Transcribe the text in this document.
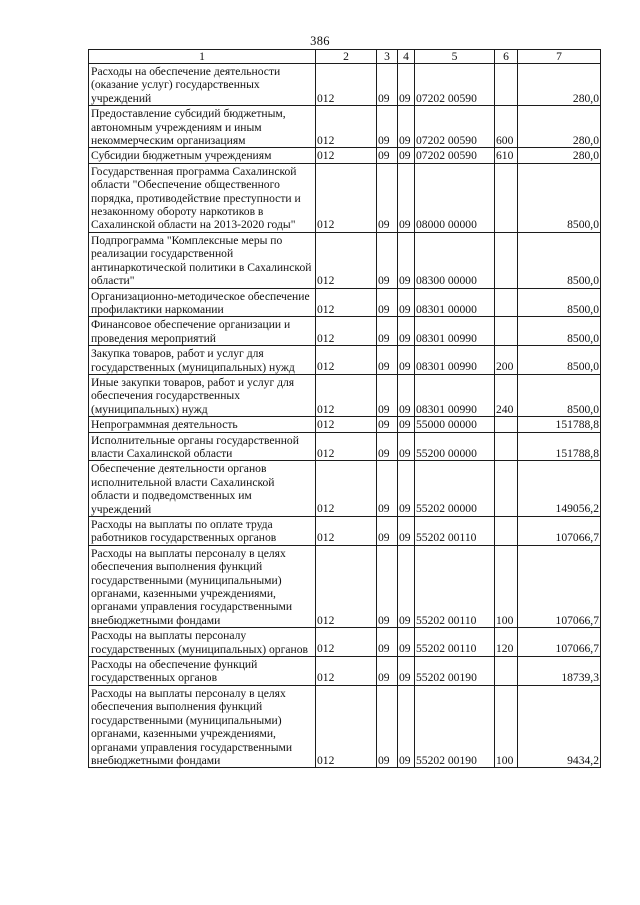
386
1	2	3	4	5	6	7
Расходы на обеспечение деятельности (оказание услуг) государственных учреждений	012	09	09	07202 00590		280,0
Предоставление субсидий бюджетным, автономным учреждениям и иным некоммерческим организациям	012	09	09	07202 00590	600	280,0
Субсидии бюджетным учреждениям	012	09	09	07202 00590	610	280,0
Государственная программа Сахалинской области "Обеспечение общественного порядка, противодействие преступности и незаконному обороту наркотиков в Сахалинской области на 2013-2020 годы"	012	09	09	08000 00000		8500,0
Подпрограмма "Комплексные меры по реализации государственной антинаркотической политики в Сахалинской области"	012	09	09	08300 00000		8500,0
Организационно-методическое обеспечение профилактики наркомании	012	09	09	08301 00000		8500,0
Финансовое обеспечение организации и проведения мероприятий	012	09	09	08301 00990		8500,0
Закупка товаров, работ и услуг для государственных (муниципальных) нужд	012	09	09	08301 00990	200	8500,0
Иные закупки товаров, работ и услуг для обеспечения государственных (муниципальных) нужд	012	09	09	08301 00990	240	8500,0
Непрограммная деятельность	012	09	09	55000 00000		151788,8
Исполнительные органы государственной власти Сахалинской области	012	09	09	55200 00000		151788,8
Обеспечение деятельности органов исполнительной власти Сахалинской области и подведомственных им учреждений	012	09	09	55202 00000		149056,2
Расходы на выплаты по оплате труда работников государственных органов	012	09	09	55202 00110		107066,7
Расходы на выплаты персоналу в целях обеспечения выполнения функций государственными (муниципальными) органами, казенными учреждениями, органами управления государственными внебюджетными фондами	012	09	09	55202 00110	100	107066,7
Расходы на выплаты персоналу государственных (муниципальных) органов	012	09	09	55202 00110	120	107066,7
Расходы на обеспечение функций государственных органов	012	09	09	55202 00190		18739,3
Расходы на выплаты персоналу в целях обеспечения выполнения функций государственными (муниципальными) органами, казенными учреждениями, органами управления государственными внебюджетными фондами	012	09	09	55202 00190	100	9434,2
